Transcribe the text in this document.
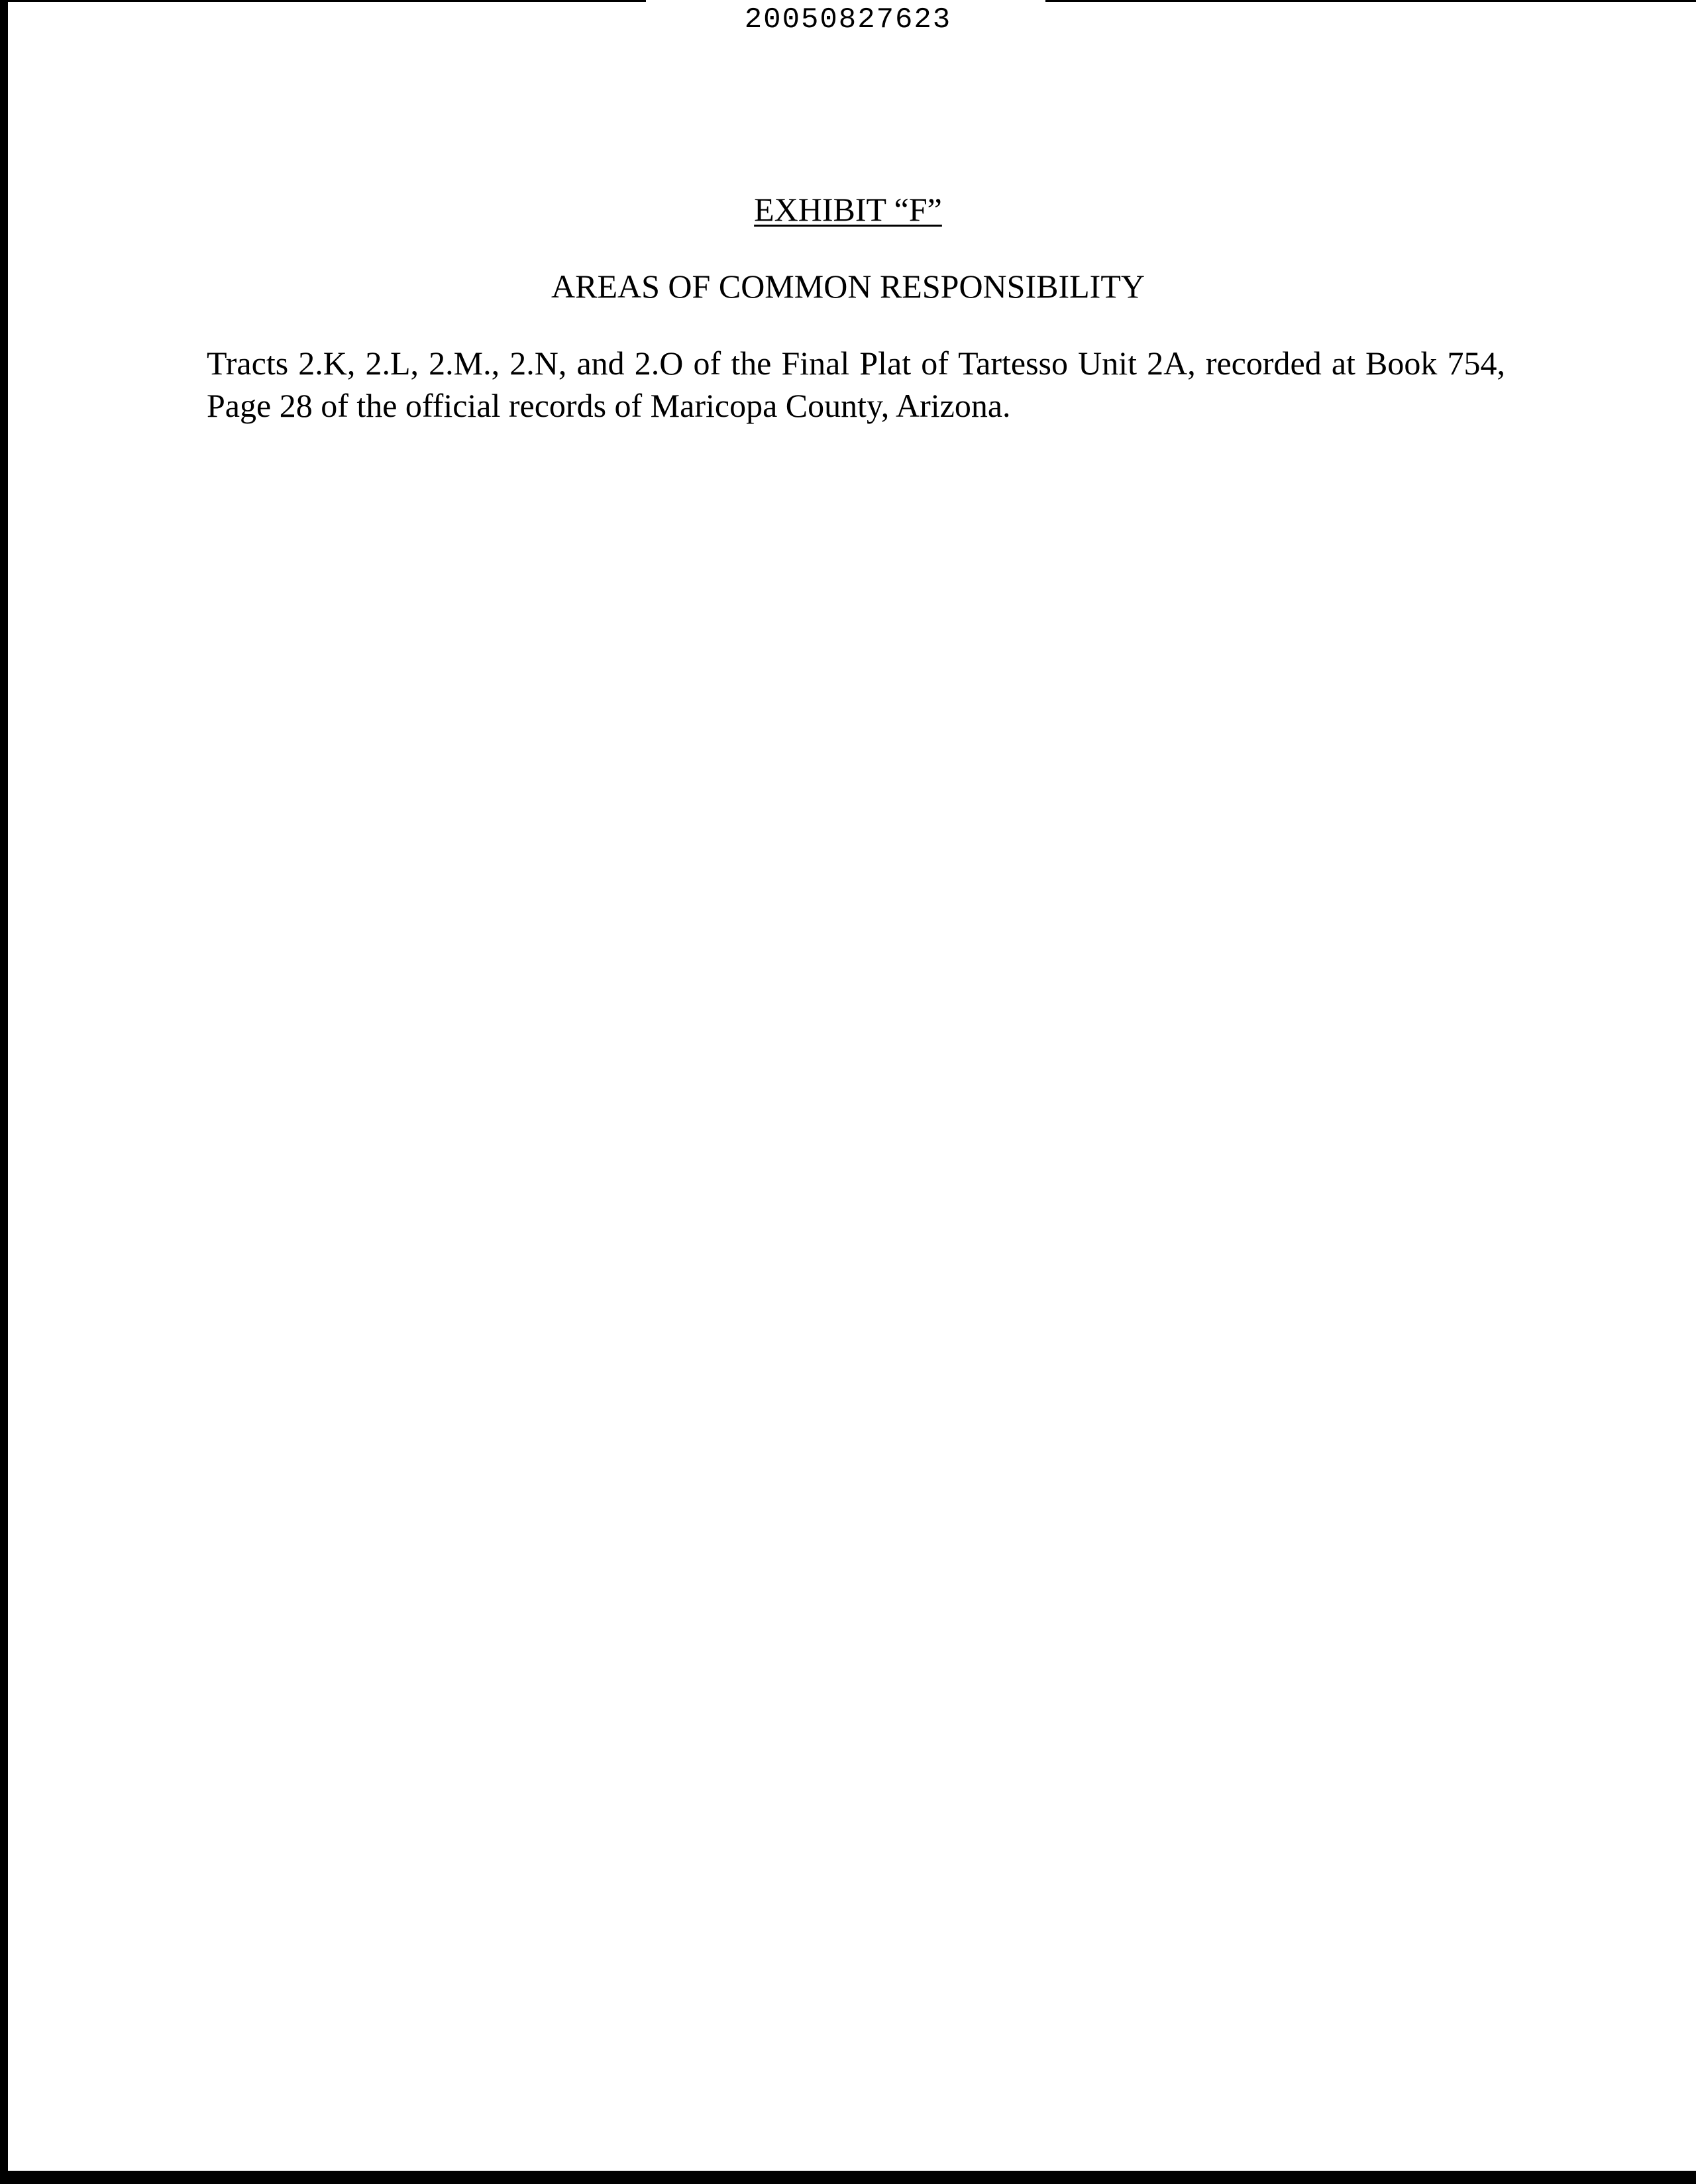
20050827623
EXHIBIT “F”
AREAS OF COMMON RESPONSIBILITY
Tracts 2.K, 2.L, 2.M., 2.N, and 2.O of the Final Plat of Tartesso Unit 2A, recorded at Book 754,
Page 28 of the official records of Maricopa County, Arizona.
